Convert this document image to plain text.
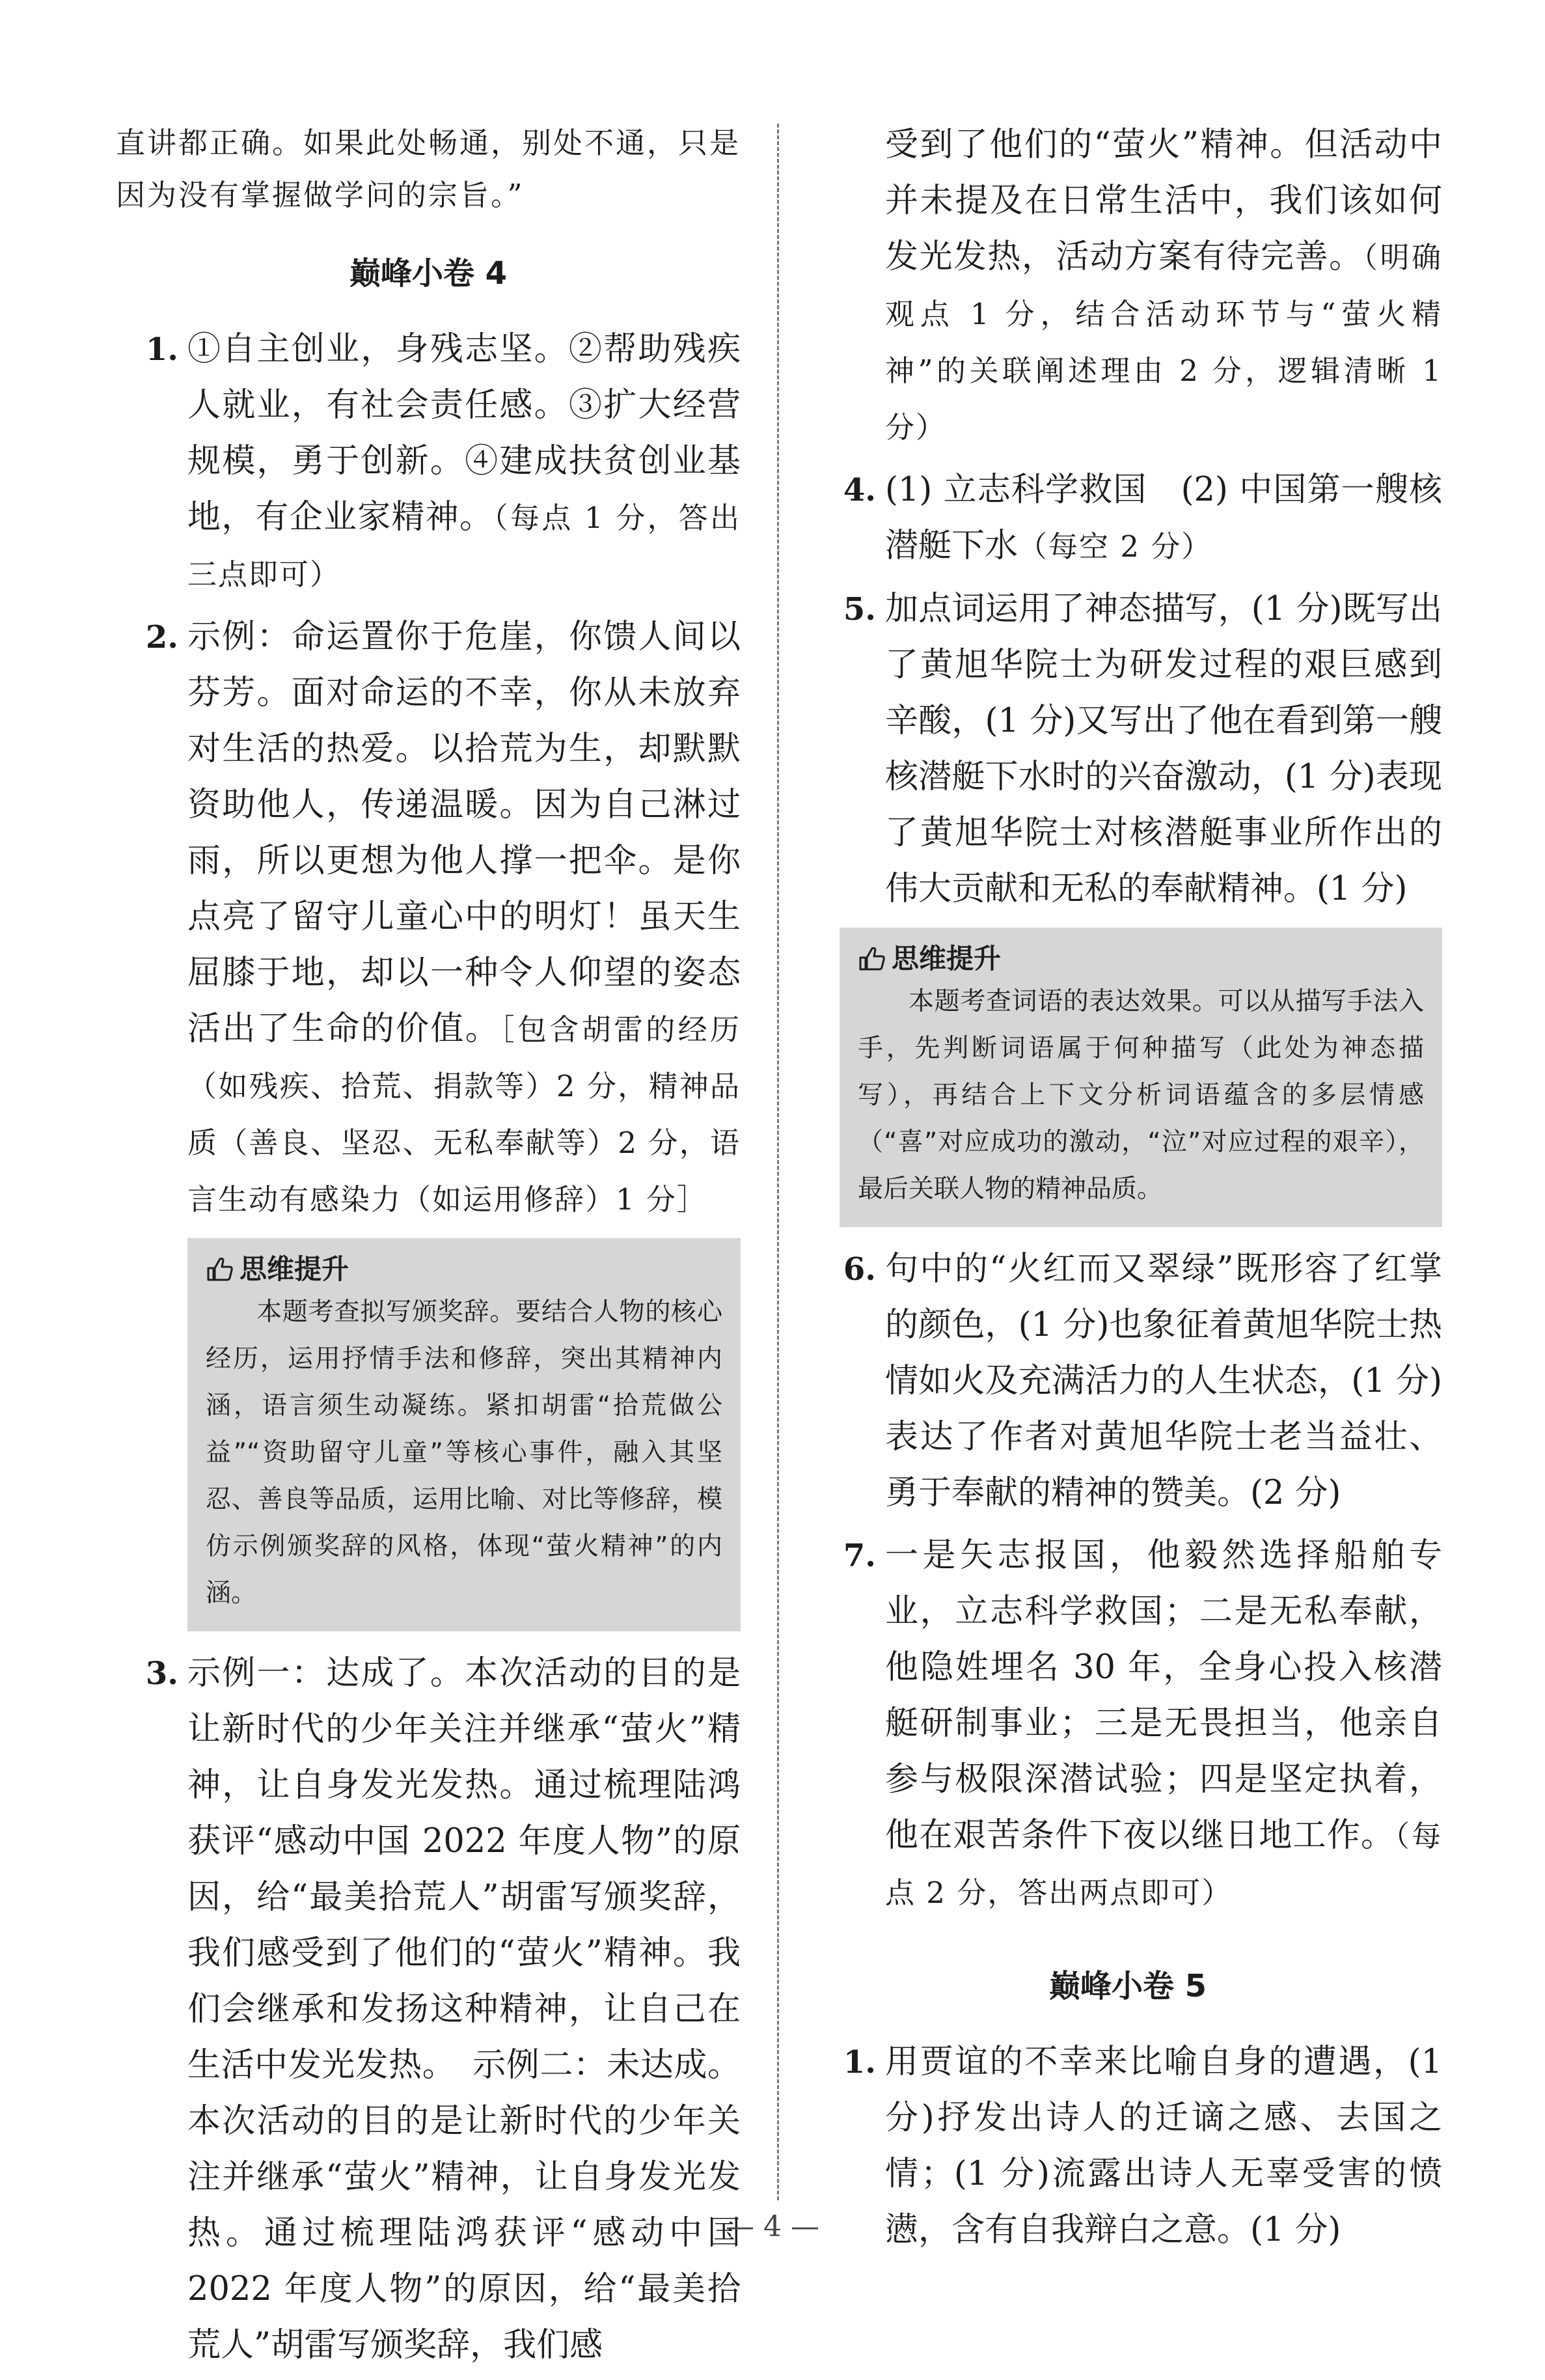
直讲都正确。如果此处畅通，别处不通，只是因为没有掌握做学问的宗旨。”
巅峰小卷 4
1. ①自主创业，身残志坚。②帮助残疾人就业，有社会责任感。③扩大经营规模，勇于创新。④建成扶贫创业基地，有企业家精神。（每点 1 分，答出三点即可）
2. 示例：命运置你于危崖，你馈人间以芬芳。面对命运的不幸，你从未放弃对生活的热爱。以拾荒为生，却默默资助他人，传递温暖。因为自己淋过雨，所以更想为他人撑一把伞。是你点亮了留守儿童心中的明灯！虽天生屈膝于地，却以一种令人仰望的姿态活出了生命的价值。［包含胡雷的经历（如残疾、拾荒、捐款等）2 分，精神品质（善良、坚忍、无私奉献等）2 分，语言生动有感染力（如运用修辞）1 分］
思维提升
本题考查拟写颁奖辞。要结合人物的核心经历，运用抒情手法和修辞，突出其精神内涵，语言须生动凝练。紧扣胡雷“拾荒做公益”“资助留守儿童”等核心事件，融入其坚忍、善良等品质，运用比喻、对比等修辞，模仿示例颁奖辞的风格，体现“萤火精神”的内涵。
3. 示例一：达成了。本次活动的目的是让新时代的少年关注并继承“萤火”精神，让自身发光发热。通过梳理陆鸿获评“感动中国 2022 年度人物”的原因，给“最美拾荒人”胡雷写颁奖辞，我们感受到了他们的“萤火”精神。我们会继承和发扬这种精神，让自己在生活中发光发热。　示例二：未达成。本次活动的目的是让新时代的少年关注并继承“萤火”精神，让自身发光发热。通过梳理陆鸿获评“感动中国 2022 年度人物”的原因，给“最美拾荒人”胡雷写颁奖辞，我们感
受到了他们的“萤火”精神。但活动中并未提及在日常生活中，我们该如何发光发热，活动方案有待完善。（明确观点 1 分，结合活动环节与“萤火精神”的关联阐述理由 2 分，逻辑清晰 1 分）
4. (1) 立志科学救国　(2) 中国第一艘核潜艇下水（每空 2 分）
5. 加点词运用了神态描写，(1 分)既写出了黄旭华院士为研发过程的艰巨感到辛酸，(1 分)又写出了他在看到第一艘核潜艇下水时的兴奋激动，(1 分)表现了黄旭华院士对核潜艇事业所作出的伟大贡献和无私的奉献精神。(1 分)
思维提升
本题考查词语的表达效果。可以从描写手法入手，先判断词语属于何种描写（此处为神态描写），再结合上下文分析词语蕴含的多层情感（“喜”对应成功的激动，“泣”对应过程的艰辛），最后关联人物的精神品质。
6. 句中的“火红而又翠绿”既形容了红掌的颜色，(1 分)也象征着黄旭华院士热情如火及充满活力的人生状态，(1 分)表达了作者对黄旭华院士老当益壮、勇于奉献的精神的赞美。(2 分)
7. 一是矢志报国，他毅然选择船舶专业，立志科学救国；二是无私奉献，他隐姓埋名 30 年，全身心投入核潜艇研制事业；三是无畏担当，他亲自参与极限深潜试验；四是坚定执着，他在艰苦条件下夜以继日地工作。（每点 2 分，答出两点即可）
巅峰小卷 5
1. 用贾谊的不幸来比喻自身的遭遇，(1 分)抒发出诗人的迁谪之感、去国之情；(1 分)流露出诗人无辜受害的愤懑，含有自我辩白之意。(1 分)
— 4 —
